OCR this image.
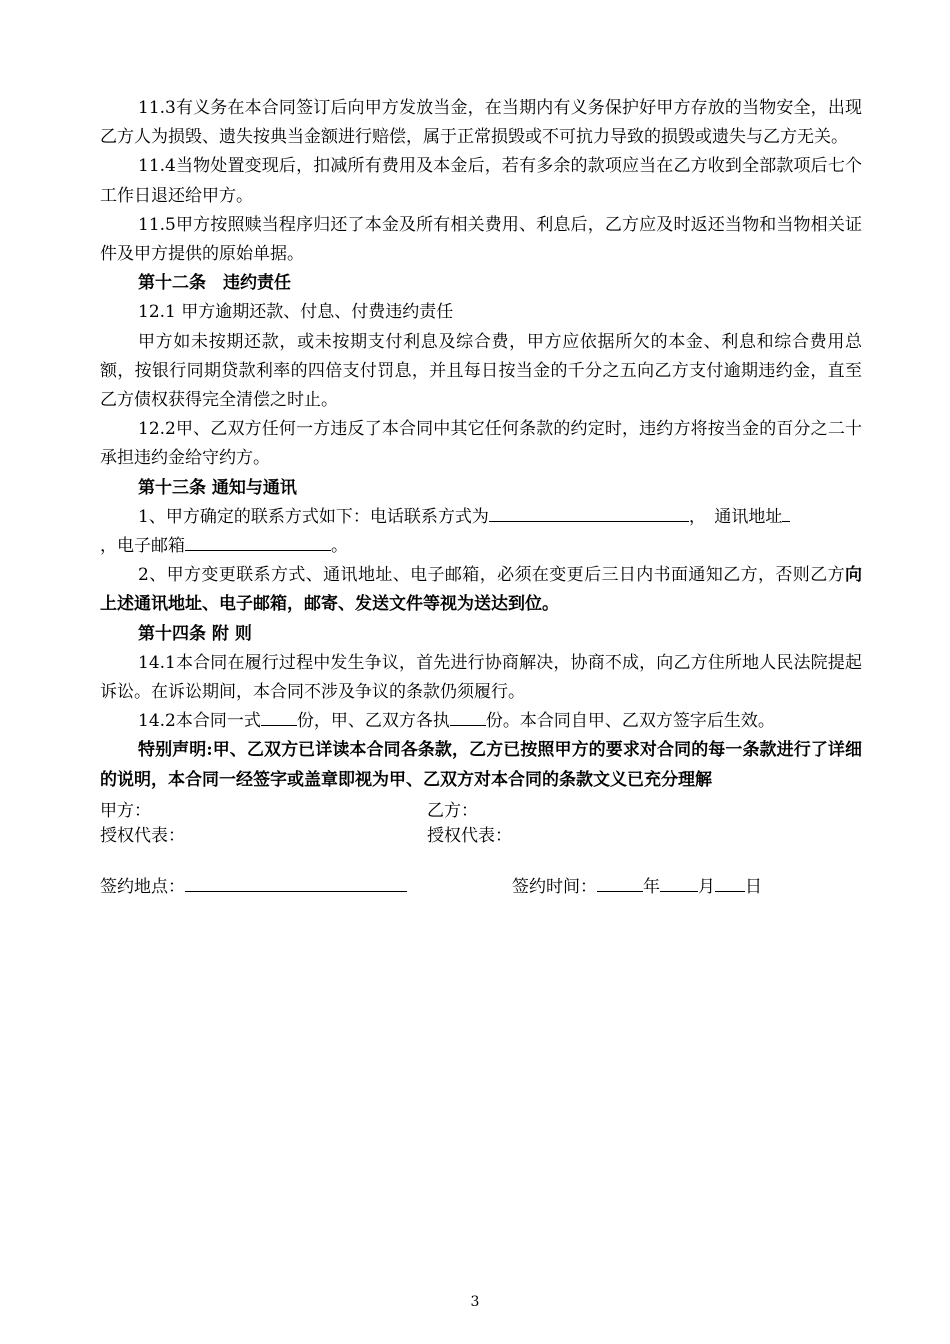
11.3有义务在本合同签订后向甲方发放当金，在当期内有义务保护好甲方存放的当物安全，出现乙方人为损毁、遗失按典当金额进行赔偿，属于正常损毁或不可抗力导致的损毁或遗失与乙方无关。

11.4当物处置变现后，扣减所有费用及本金后，若有多余的款项应当在乙方收到全部款项后七个工作日退还给甲方。

11.5甲方按照赎当程序归还了本金及所有相关费用、利息后，乙方应及时返还当物和当物相关证件及甲方提供的原始单据。

第十二条　违约责任

12.1 甲方逾期还款、付息、付费违约责任

甲方如未按期还款，或未按期支付利息及综合费，甲方应依据所欠的本金、利息和综合费用总额，按银行同期贷款利率的四倍支付罚息，并且每日按当金的千分之五向乙方支付逾期违约金，直至乙方债权获得完全清偿之时止。

12.2甲、乙双方任何一方违反了本合同中其它任何条款的约定时，违约方将按当金的百分之二十承担违约金给守约方。

第十三条 通知与通讯

1、甲方确定的联系方式如下：电话联系方式为	，　通讯地址
，电子邮箱	。

2、甲方变更联系方式、通讯地址、电子邮箱，必须在变更后三日内书面通知乙方，否则乙方向上述通讯地址、电子邮箱，邮寄、发送文件等视为送达到位。

第十四条 附 则

14.1本合同在履行过程中发生争议，首先进行协商解决，协商不成，向乙方住所地人民法院提起诉讼。在诉讼期间，本合同不涉及争议的条款仍须履行。

14.2本合同一式 份，甲、乙双方各执 份。本合同自甲、乙双方签字后生效。

特别声明:甲、乙双方已详读本合同各条款，乙方已按照甲方的要求对合同的每一条款进行了详细的说明，本合同一经签字或盖章即视为甲、乙双方对本合同的条款文义已充分理解

甲方：	乙方：
授权代表：	授权代表：
签约地点：	签约时间：	年 月 日
3
